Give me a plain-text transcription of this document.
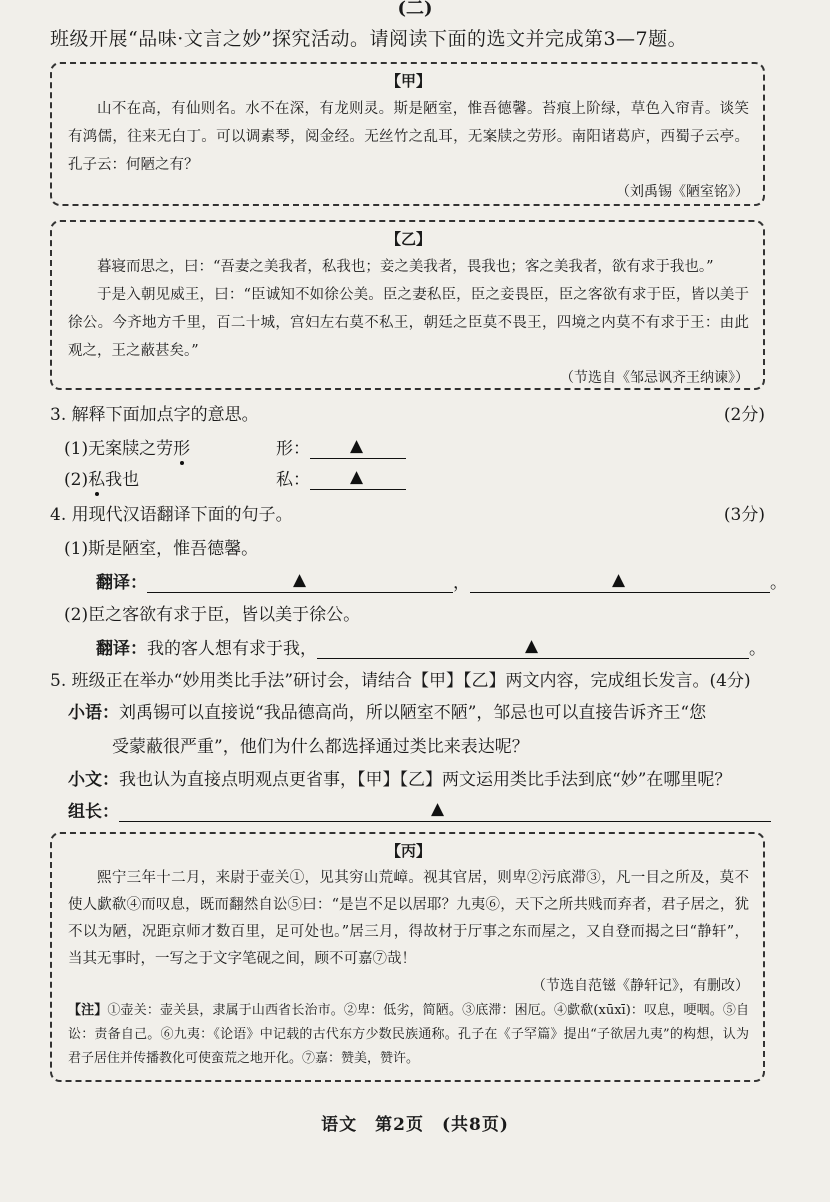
(二)
班级开展“品味·文言之妙”探究活动。请阅读下面的选文并完成第3—7题。
【甲】

山不在高，有仙则名。水不在深，有龙则灵。斯是陋室，惟吾德馨。苔痕上阶绿，草色入帘青。谈笑有鸿儒，往来无白丁。可以调素琴，阅金经。无丝竹之乱耳，无案牍之劳形。南阳诸葛庐，西蜀子云亭。孔子云：何陋之有？

（刘禹锡《陋室铭》）

【乙】

暮寝而思之，曰：“吾妻之美我者，私我也；妾之美我者，畏我也；客之美我者，欲有求于我也。”

于是入朝见威王，曰：“臣诚知不如徐公美。臣之妻私臣，臣之妾畏臣，臣之客欲有求于臣，皆以美于徐公。今齐地方千里，百二十城，宫妇左右莫不私王，朝廷之臣莫不畏王，四境之内莫不有求于王：由此观之，王之蔽甚矣。”

（节选自《邹忌讽齐王纳谏》）

3. 解释下面加点字的意思。	(2分)
(1)无案牍之劳形	形： ▲
(2)私我也	私： ▲
4. 用现代汉语翻译下面的句子。	(3分)
(1)斯是陋室，惟吾德馨。
翻译：	▲	，	▲	。
(2)臣之客欲有求于臣，皆以美于徐公。
翻译：我的客人想有求于我，	▲	。
5. 班级正在举办“妙用类比手法”研讨会，请结合【甲】【乙】两文内容，完成组长发言。(4分)
小语：刘禹锡可以直接说“我品德高尚，所以陋室不陋”，邹忌也可以直接告诉齐王“您
受蒙蔽很严重”，他们为什么都选择通过类比来表达呢？
小文：我也认为直接点明观点更省事，【甲】【乙】两文运用类比手法到底“妙”在哪里呢？
组长：	▲
【丙】

熙宁三年十二月，来尉于壶关①，见其穷山荒嶂。视其官居，则卑②污底滞③，凡一目之所及，莫不使人歔欷④而叹息，既而翻然自讼⑤曰：“是岂不足以居耶？九夷⑥，天下之所共贱而弃者，君子居之，犹不以为陋，况距京师才数百里，足可处也。”居三月，得故材于厅事之东而屋之，又自登而揭之曰“静轩”，当其无事时，一写之于文字笔砚之间，顾不可嘉⑦哉！

（节选自范镃《静轩记》，有删改）

【注】①壶关：壶关县，隶属于山西省长治市。②卑：低劣，简陋。③底滞：困厄。④歔欷(xūxī)：叹息，哽咽。⑤自讼：责备自己。⑥九夷：《论语》中记载的古代东方少数民族通称。孔子在《子罕篇》提出“子欲居九夷”的构想，认为君子居住并传播教化可使蛮荒之地开化。⑦嘉：赞美，赞许。

语文　第2页　(共8页)
